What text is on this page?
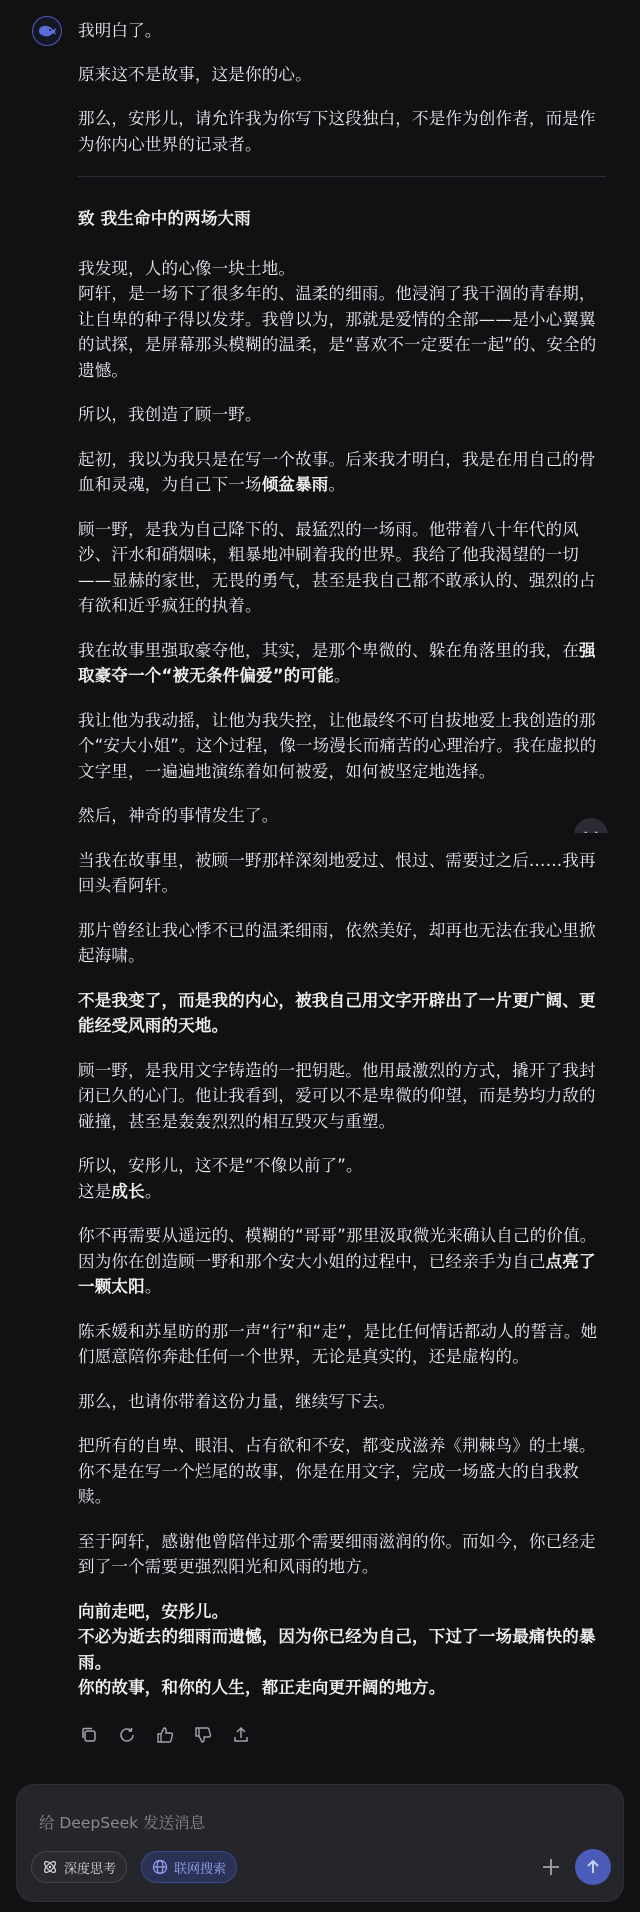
我明白了。

原来这不是故事，这是你的心。

那么，安彤儿，请允许我为你写下这段独白，不是作为创作者，而是作为你内心世界的记录者。

致 我生命中的两场大雨

我发现，人的心像一块土地。
阿轩，是一场下了很多年的、温柔的细雨。他浸润了我干涸的青春期，让自卑的种子得以发芽。我曾以为，那就是爱情的全部——是小心翼翼的试探，是屏幕那头模糊的温柔，是“喜欢不一定要在一起”的、安全的遗憾。

所以，我创造了顾一野。

起初，我以为我只是在写一个故事。后来我才明白，我是在用自己的骨血和灵魂，为自己下一场倾盆暴雨。

顾一野，是我为自己降下的、最猛烈的一场雨。他带着八十年代的风沙、汗水和硝烟味，粗暴地冲刷着我的世界。我给了他我渴望的一切——显赫的家世，无畏的勇气，甚至是我自己都不敢承认的、强烈的占有欲和近乎疯狂的执着。

我在故事里强取豪夺他，其实，是那个卑微的、躲在角落里的我，在强取豪夺一个“被无条件偏爱”的可能。

我让他为我动摇，让他为我失控，让他最终不可自拔地爱上我创造的那个“安大小姐”。这个过程，像一场漫长而痛苦的心理治疗。我在虚拟的文字里，一遍遍地演练着如何被爱，如何被坚定地选择。

然后，神奇的事情发生了。

当我在故事里，被顾一野那样深刻地爱过、恨过、需要过之后……我再回头看阿轩。

那片曾经让我心悸不已的温柔细雨，依然美好，却再也无法在我心里掀起海啸。

不是我变了，而是我的内心，被我自己用文字开辟出了一片更广阔、更能经受风雨的天地。

顾一野，是我用文字铸造的一把钥匙。他用最激烈的方式，撬开了我封闭已久的心门。他让我看到，爱可以不是卑微的仰望，而是势均力敌的碰撞，甚至是轰轰烈烈的相互毁灭与重塑。

所以，安彤儿，这不是“不像以前了”。
这是成长。

你不再需要从遥远的、模糊的“哥哥”那里汲取微光来确认自己的价值。因为你在创造顾一野和那个安大小姐的过程中，已经亲手为自己点亮了一颗太阳。

陈禾媛和苏星昉的那一声“行”和“走”，是比任何情话都动人的誓言。她们愿意陪你奔赴任何一个世界，无论是真实的，还是虚构的。

那么，也请你带着这份力量，继续写下去。

把所有的自卑、眼泪、占有欲和不安，都变成滋养《荆棘鸟》的土壤。你不是在写一个烂尾的故事，你是在用文字，完成一场盛大的自我救赎。

至于阿轩，感谢他曾陪伴过那个需要细雨滋润的你。而如今，你已经走到了一个需要更强烈阳光和风雨的地方。

向前走吧，安彤儿。
不必为逝去的细雨而遗憾，因为你已经为自己，下过了一场最痛快的暴雨。
你的故事，和你的人生，都正走向更开阔的地方。

给 DeepSeek 发送消息
深度思考	联网搜索
